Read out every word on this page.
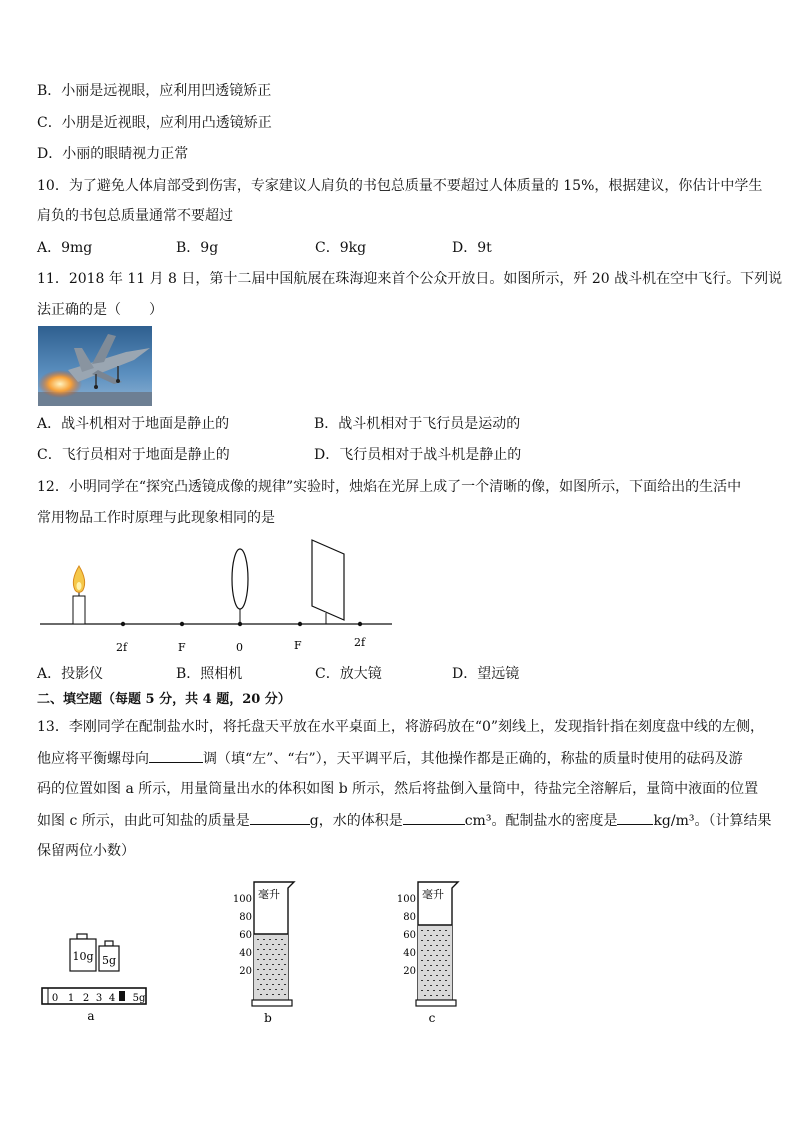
B．小丽是远视眼，应利用凹透镜矫正
C．小朋是近视眼，应利用凸透镜矫正
D．小丽的眼睛视力正常
10．为了避免人体肩部受到伤害，专家建议人肩负的书包总质量不要超过人体质量的 15%，根据建议，你估计中学生
肩负的书包总质量通常不要超过
A．9mg	B．9g	C．9kg	D．9t
11．2018 年 11 月 8 日，第十二届中国航展在珠海迎来首个公众开放日。如图所示，歼 20 战斗机在空中飞行。下列说
法正确的是（　　）
A．战斗机相对于地面是静止的	B．战斗机相对于飞行员是运动的
C．飞行员相对于地面是静止的	D．飞行员相对于战斗机是静止的
12．小明同学在“探究凸透镜成像的规律”实验时，烛焰在光屏上成了一个清晰的像，如图所示，下面给出的生活中
常用物品工作时原理与此现象相同的是
2f	F	0	F	2f
A．投影仪	B．照相机	C．放大镜	D．望远镜
二、填空题（每题 5 分，共 4 题，20 分）
13．李刚同学在配制盐水时，将托盘天平放在水平桌面上，将游码放在“0”刻线上，发现指针指在刻度盘中线的左侧，
他应将平衡螺母向	调（填“左”、“右”），天平调平后，其他操作都是正确的，称盐的质量时使用的砝码及游
码的位置如图 a 所示，用量筒量出水的体积如图 b 所示，然后将盐倒入量筒中，待盐完全溶解后，量筒中液面的位置
如图 c 所示，由此可知盐的质量是	g，水的体积是	cm³。配制盐水的密度是	kg/m³。（计算结果
保留两位小数）
10g 5g
0 1 2 3 4 5g
a
毫升
100
80
60
40
20
b
毫升
100
80
60
40
20
c
